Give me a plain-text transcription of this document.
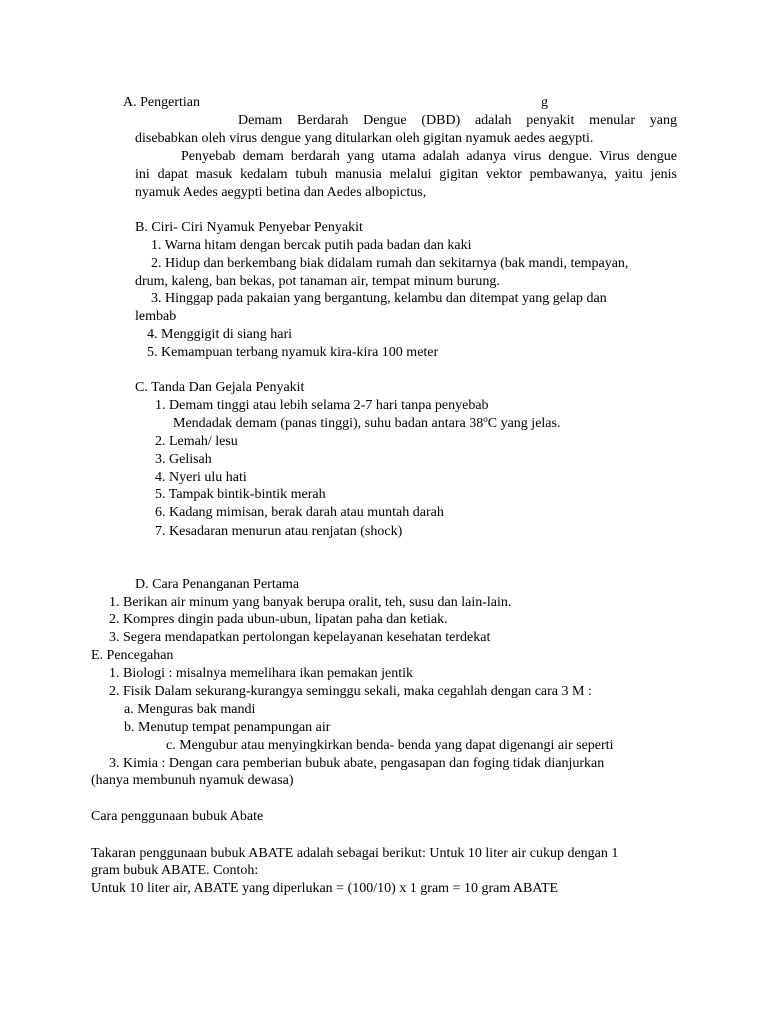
A. Pengertian	g
Demam Berdarah Dengue (DBD) adalah penyakit menular yang
disebabkan oleh virus dengue yang ditularkan oleh gigitan nyamuk aedes aegypti.
Penyebab demam berdarah yang utama adalah adanya virus dengue. Virus dengue
ini dapat masuk kedalam tubuh manusia melalui gigitan vektor pembawanya, yaitu jenis
nyamuk Aedes aegypti betina dan Aedes albopictus,
B. Ciri- Ciri Nyamuk Penyebar Penyakit
1. Warna hitam dengan bercak putih pada badan dan kaki
2. Hidup dan berkembang biak didalam rumah dan sekitarnya (bak mandi, tempayan,
drum, kaleng, ban bekas, pot tanaman air, tempat minum burung.
3. Hinggap pada pakaian yang bergantung, kelambu dan ditempat yang gelap dan
lembab
4. Menggigit di siang hari
5. Kemampuan terbang nyamuk kira-kira 100 meter
C. Tanda Dan Gejala Penyakit
1. Demam tinggi atau lebih selama 2-7 hari tanpa penyebab
Mendadak demam (panas tinggi), suhu badan antara 38$^o$C yang jelas.
2. Lemah/ lesu
3. Gelisah
4. Nyeri ulu hati
5. Tampak bintik-bintik merah
6. Kadang mimisan, berak darah atau muntah darah
7. Kesadaran menurun atau renjatan (shock)
D. Cara Penanganan Pertama
1. Berikan air minum yang banyak berupa oralit, teh, susu dan lain-lain.
2. Kompres dingin pada ubun-ubun, lipatan paha dan ketiak.
3. Segera mendapatkan pertolongan kepelayanan kesehatan terdekat
E. Pencegahan
1. Biologi : misalnya memelihara ikan pemakan jentik
2. Fisik Dalam sekurang-kurangya seminggu sekali, maka cegahlah dengan cara 3 M :
a. Menguras bak mandi
b. Menutup tempat penampungan air
c. Mengubur atau menyingkirkan benda- benda yang dapat digenangi air seperti
3. Kimia : Dengan cara pemberian bubuk abate, pengasapan dan foging tidak dianjurkan
(hanya membunuh nyamuk dewasa)
Cara penggunaan bubuk Abate
Takaran penggunaan bubuk ABATE adalah sebagai berikut: Untuk 10 liter air cukup dengan 1
gram bubuk ABATE. Contoh:
Untuk 10 liter air, ABATE yang diperlukan = (100/10) x 1 gram = 10 gram ABATE
